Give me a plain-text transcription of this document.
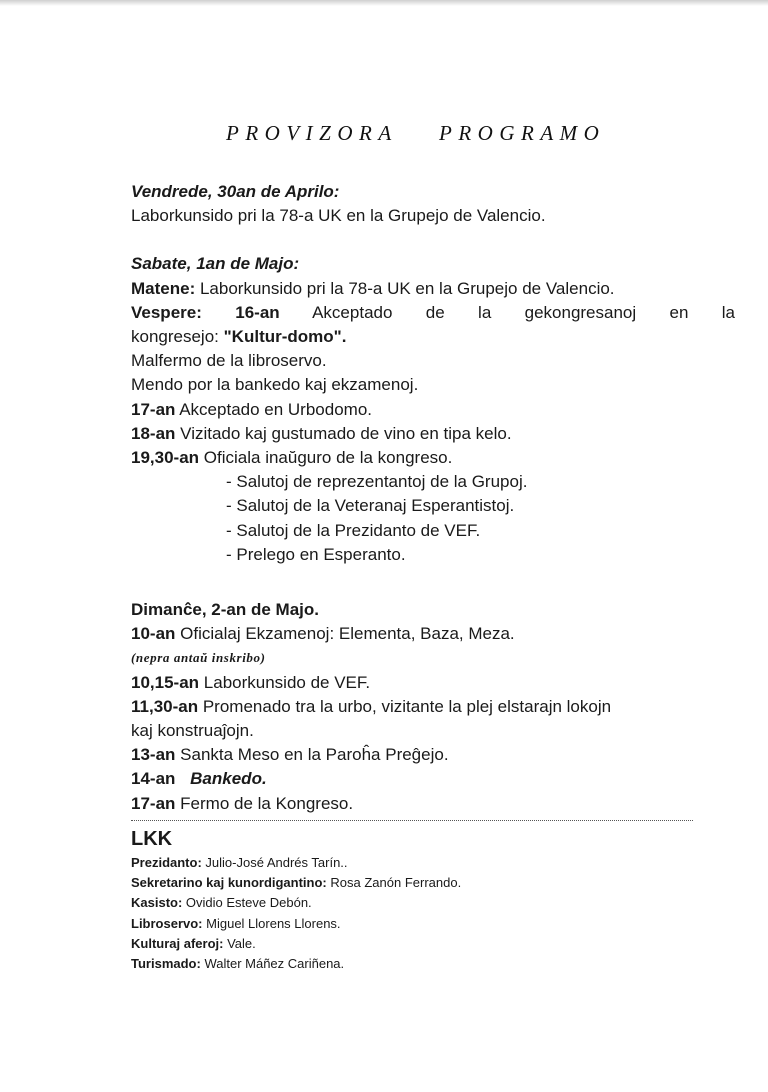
PROVIZORA PROGRAMO
Vendrede, 30an de Aprilo:
Laborkunsido pri la 78-a UK en la Grupejo de Valencio.
Sabate, 1an de Majo:
Matene: Laborkunsido pri la 78-a UK en la Grupejo de Valencio.
Vespere: 16-an Akceptado de la gekongresanoj en la
kongresejo: "Kultur-domo".
Malfermo de la libroservo.
Mendo por la bankedo kaj ekzamenoj.
17-an Akceptado en Urbodomo.
18-an Vizitado kaj gustumado de vino en tipa kelo.
19,30-an Oficiala inaŭguro de la kongreso.
- Salutoj de reprezentantoj de la Grupoj.
- Salutoj de la Veteranaj Esperantistoj.
- Salutoj de la Prezidanto de VEF.
- Prelego en Esperanto.
Dimanĉe, 2-an de Majo.
10-an Oficialaj Ekzamenoj: Elementa, Baza, Meza.
(nepra antaŭ inskribo)
10,15-an Laborkunsido de VEF.
11,30-an Promenado tra la urbo, vizitante la plej elstarajn lokojn
kaj konstruaĵojn.
13-an Sankta Meso en la Paroĥa Preĝejo.
14-an Bankedo.
17-an Fermo de la Kongreso.
LKK
Prezidanto: Julio-José Andrés Tarín..
Sekretarino kaj kunordigantino: Rosa Zanón Ferrando.
Kasisto: Ovidio Esteve Debón.
Libroservo: Miguel Llorens Llorens.
Kulturaj aferoj: Vale.
Turismado: Walter Máñez Cariñena.
